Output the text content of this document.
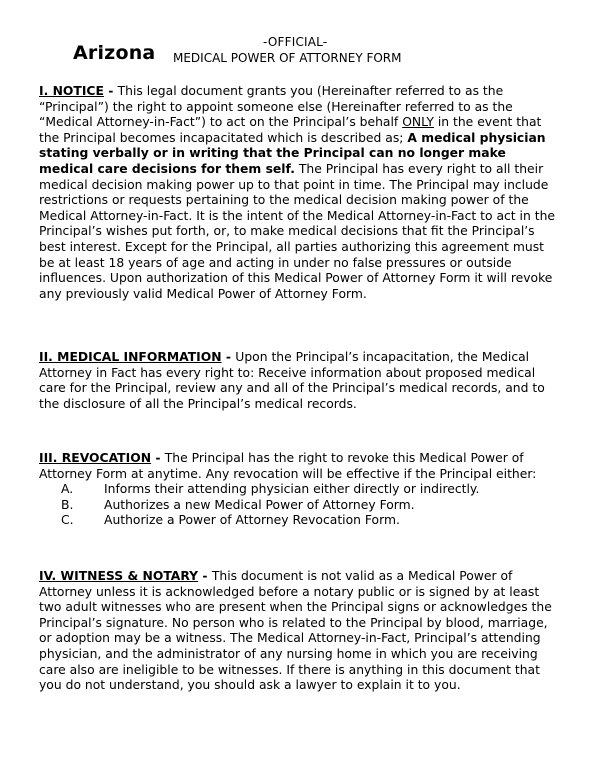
-OFFICIAL-
Arizona MEDICAL POWER OF ATTORNEY FORM

I. NOTICE - This legal document grants you (Hereinafter referred to as the “Principal”) the right to appoint someone else (Hereinafter referred to as the “Medical Attorney-in-Fact”) to act on the Principal’s behalf ONLY in the event that the Principal becomes incapacitated which is described as; A medical physician stating verbally or in writing that the Principal can no longer make medical care decisions for them self. The Principal has every right to all their medical decision making power up to that point in time. The Principal may include restrictions or requests pertaining to the medical decision making power of the Medical Attorney-in-Fact. It is the intent of the Medical Attorney-in-Fact to act in the Principal’s wishes put forth, or, to make medical decisions that fit the Principal’s best interest. Except for the Principal, all parties authorizing this agreement must be at least 18 years of age and acting in under no false pressures or outside influences. Upon authorization of this Medical Power of Attorney Form it will revoke any previously valid Medical Power of Attorney Form.

II. MEDICAL INFORMATION - Upon the Principal’s incapacitation, the Medical Attorney in Fact has every right to: Receive information about proposed medical care for the Principal, review any and all of the Principal’s medical records, and to the disclosure of all the Principal’s medical records.

III. REVOCATION - The Principal has the right to revoke this Medical Power of Attorney Form at anytime. Any revocation will be effective if the Principal either:

A. Informs their attending physician either directly or indirectly.
B. Authorizes a new Medical Power of Attorney Form.
C. Authorize a Power of Attorney Revocation Form.

IV. WITNESS & NOTARY - This document is not valid as a Medical Power of Attorney unless it is acknowledged before a notary public or is signed by at least two adult witnesses who are present when the Principal signs or acknowledges the Principal’s signature. No person who is related to the Principal by blood, marriage, or adoption may be a witness. The Medical Attorney-in-Fact, Principal’s attending physician, and the administrator of any nursing home in which you are receiving care also are ineligible to be witnesses. If there is anything in this document that you do not understand, you should ask a lawyer to explain it to you.
